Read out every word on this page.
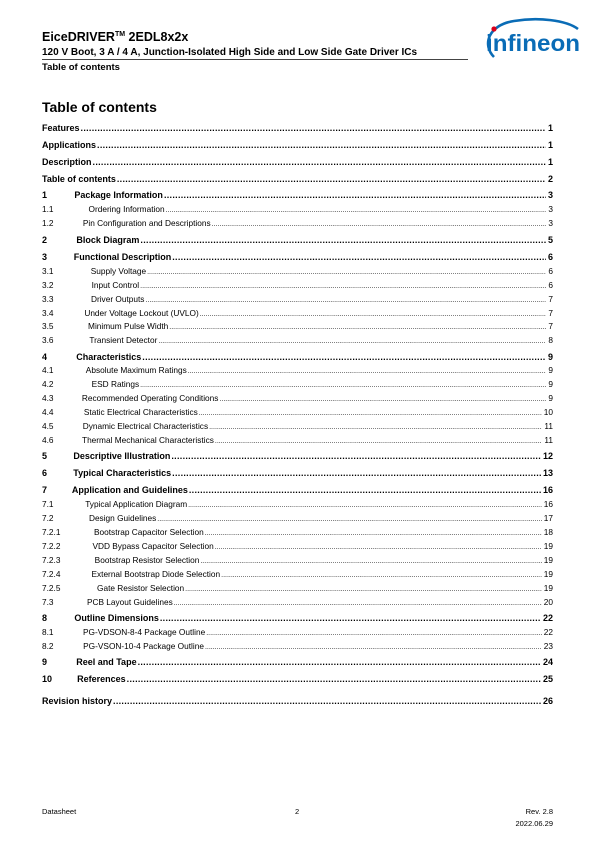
EiceDRIVER™ 2EDL8x2x
120 V Boot, 3 A / 4 A, Junction-Isolated High Side and Low Side Gate Driver ICs
Table of contents
infineon
Table of contents
Features .....	1
Applications .....	1
Description .....	1
Table of contents .....	2
1	Package Information .....	3
1.1	Ordering Information .....	3
1.2	Pin Configuration and Descriptions .....	3
2	Block Diagram .....	5
3	Functional Description .....	6
3.1	Supply Voltage .....	6
3.2	Input Control .....	6
3.3	Driver Outputs .....	7
3.4	Under Voltage Lockout (UVLO) .....	7
3.5	Minimum Pulse Width .....	7
3.6	Transient Detector .....	8
4	Characteristics .....	9
4.1	Absolute Maximum Ratings .....	9
4.2	ESD Ratings .....	9
4.3	Recommended Operating Conditions .....	9
4.4	Static Electrical Characteristics .....	10
4.5	Dynamic Electrical Characteristics .....	11
4.6	Thermal Mechanical Characteristics .....	11
5	Descriptive Illustration .....	12
6	Typical Characteristics .....	13
7	Application and Guidelines .....	16
7.1	Typical Application Diagram .....	16
7.2	Design Guidelines .....	17
7.2.1	Bootstrap Capacitor Selection .....	18
7.2.2	VDD Bypass Capacitor Selection .....	19
7.2.3	Bootstrap Resistor Selection .....	19
7.2.4	External Bootstrap Diode Selection .....	19
7.2.5	Gate Resistor Selection .....	19
7.3	PCB Layout Guidelines .....	20
8	Outline Dimensions .....	22
8.1	PG-VDSON-8-4 Package Outline .....	22
8.2	PG-VSON-10-4 Package Outline .....	23
9	Reel and Tape .....	24
10	References .....	25
Revision history .....	26
Datasheet	2	Rev. 2.8
2022.06.29
